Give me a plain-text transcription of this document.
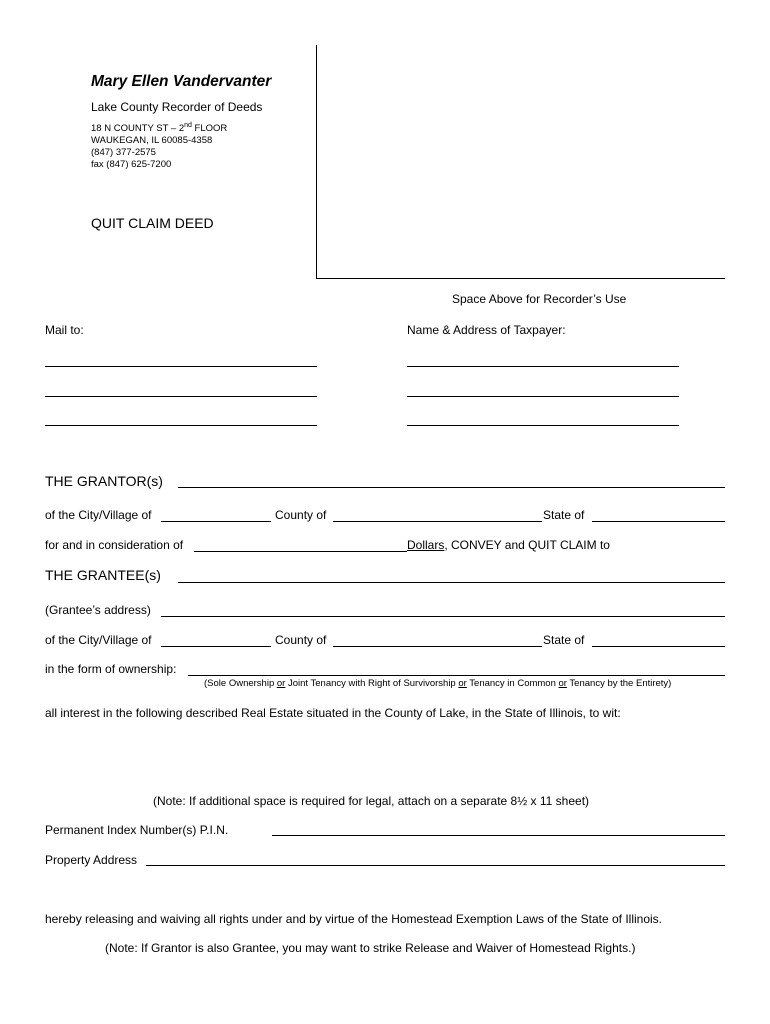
Mary Ellen Vandervanter
Lake County Recorder of Deeds
18 N COUNTY ST – 2nd FLOOR
WAUKEGAN, IL 60085-4358
(847) 377-2575
fax (847) 625-7200
QUIT CLAIM DEED
Space Above for Recorder’s Use
Mail to:	Name & Address of Taxpayer:
THE GRANTOR(s)
of the City/Village of	County of	State of
for and in consideration of	Dollars, CONVEY and QUIT CLAIM to
THE GRANTEE(s)
(Grantee’s address)
of the City/Village of	County of	State of
in the form of ownership:
(Sole Ownership or Joint Tenancy with Right of Survivorship or Tenancy in Common or Tenancy by the Entirety)
all interest in the following described Real Estate situated in the County of Lake, in the State of Illinois, to wit:
(Note: If additional space is required for legal, attach on a separate 8½ x 11 sheet)
Permanent Index Number(s) P.I.N.
Property Address
hereby releasing and waiving all rights under and by virtue of the Homestead Exemption Laws of the State of Illinois.
(Note: If Grantor is also Grantee, you may want to strike Release and Waiver of Homestead Rights.)
